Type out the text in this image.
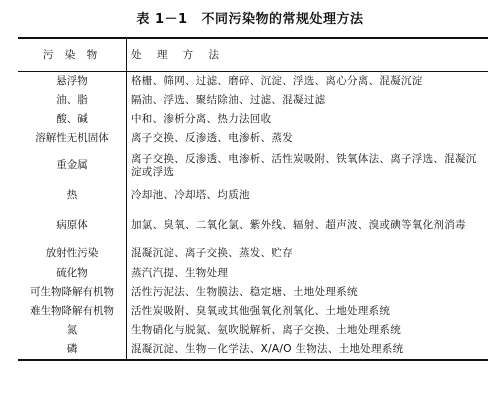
表 1－1 不同污染物的常规处理方法
污 染 物	处 理 方 法
悬浮物	格栅、筛网、过滤、磨碎、沉淀、浮选、离心分离、混凝沉淀
油、脂	隔油、浮选、聚结除油、过滤、混凝过滤
酸、碱	中和、渗析分离、热力法回收
溶解性无机固体	离子交换、反渗透、电渗析、蒸发
重金属	离子交换、反渗透、电渗析、活性炭吸附、铁氧体法、离子浮选、混凝沉淀或浮选
热	冷却池、冷却塔、均质池
病原体	加氯、臭氧、二氧化氯、紫外线、辐射、超声波、溴或碘等氧化剂消毒
放射性污染	混凝沉淀、离子交换、蒸发、贮存
硫化物	蒸汽汽提、生物处理
可生物降解有机物	活性污泥法、生物膜法、稳定塘、土地处理系统
难生物降解有机物	活性炭吸附、臭氧或其他强氧化剂氧化、土地处理系统
氮	生物硝化与脱氮、氨吹脱解析、离子交换、土地处理系统
磷	混凝沉淀、生物－化学法、X/A/O 生物法、土地处理系统
